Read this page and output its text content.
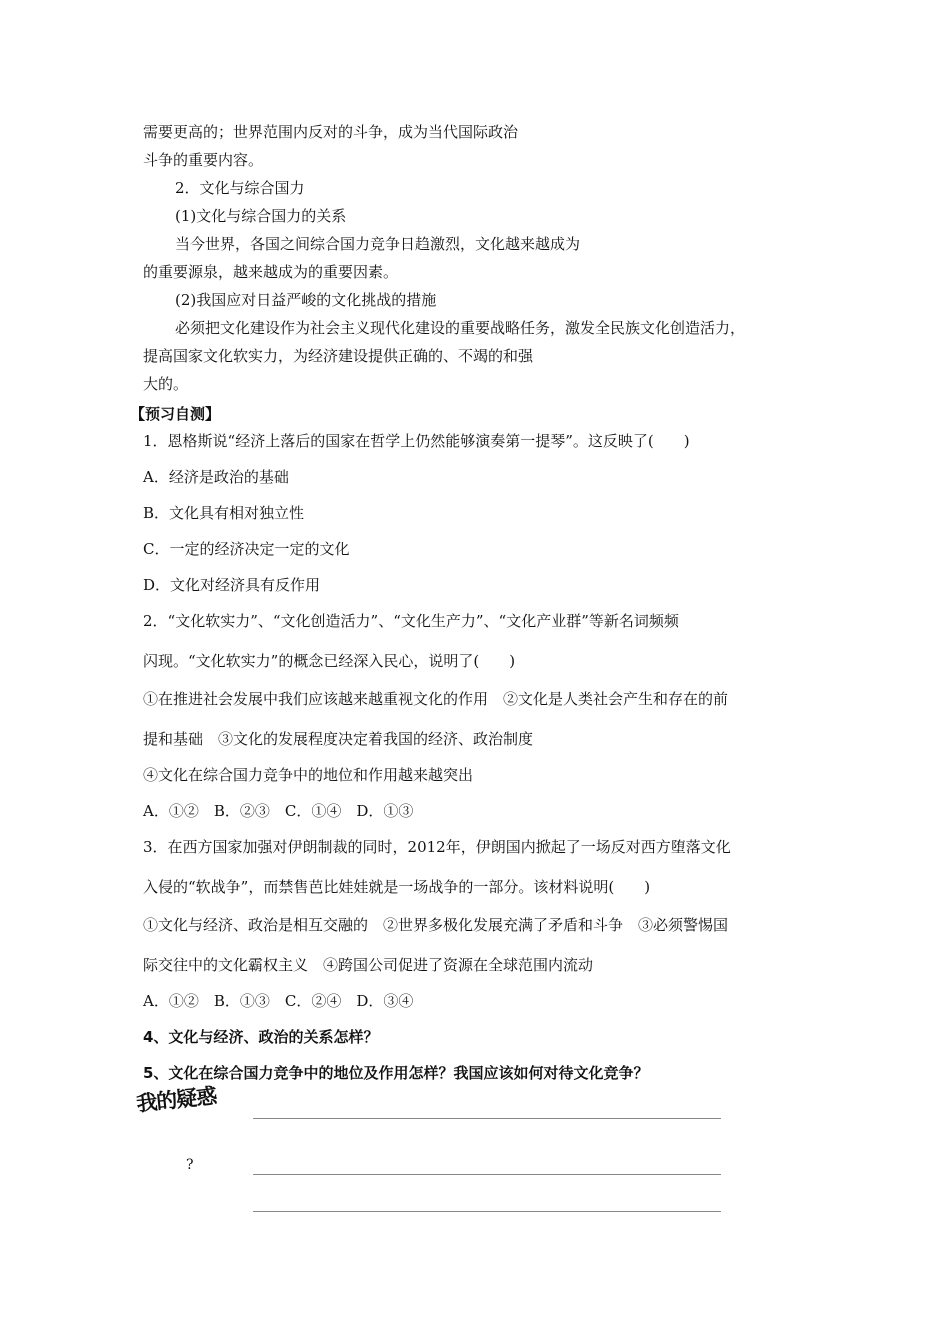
需要更高的；世界范围内反对的斗争，成为当代国际政治
斗争的重要内容。
2．文化与综合国力
(1)文化与综合国力的关系
当今世界，各国之间综合国力竞争日趋激烈，文化越来越成为
的重要源泉，越来越成为的重要因素。
(2)我国应对日益严峻的文化挑战的措施
必须把文化建设作为社会主义现代化建设的重要战略任务，激发全民族文化创造活力，
提高国家文化软实力，为经济建设提供正确的、不竭的和强
大的。
【预习自测】
1．恩格斯说“经济上落后的国家在哲学上仍然能够演奏第一提琴”。这反映了(　　)
A．经济是政治的基础
B．文化具有相对独立性
C．一定的经济决定一定的文化
D．文化对经济具有反作用
2．“文化软实力”、“文化创造活力”、“文化生产力”、“文化产业群”等新名词频频
闪现。“文化软实力”的概念已经深入民心，说明了(　　)
①在推进社会发展中我们应该越来越重视文化的作用　②文化是人类社会产生和存在的前
提和基础　③文化的发展程度决定着我国的经济、政治制度
④文化在综合国力竞争中的地位和作用越来越突出
A．①②　B．②③　C．①④　D．①③
3．在西方国家加强对伊朗制裁的同时，2012年，伊朗国内掀起了一场反对西方堕落文化
入侵的“软战争”，而禁售芭比娃娃就是一场战争的一部分。该材料说明(　　)
①文化与经济、政治是相互交融的　②世界多极化发展充满了矛盾和斗争　③必须警惕国
际交往中的文化霸权主义　④跨国公司促进了资源在全球范围内流动
A．①②　B．①③　C．②④　D．③④
4、文化与经济、政治的关系怎样？
5、文化在综合国力竞争中的地位及作用怎样？我国应该如何对待文化竞争？
我的疑惑
?
